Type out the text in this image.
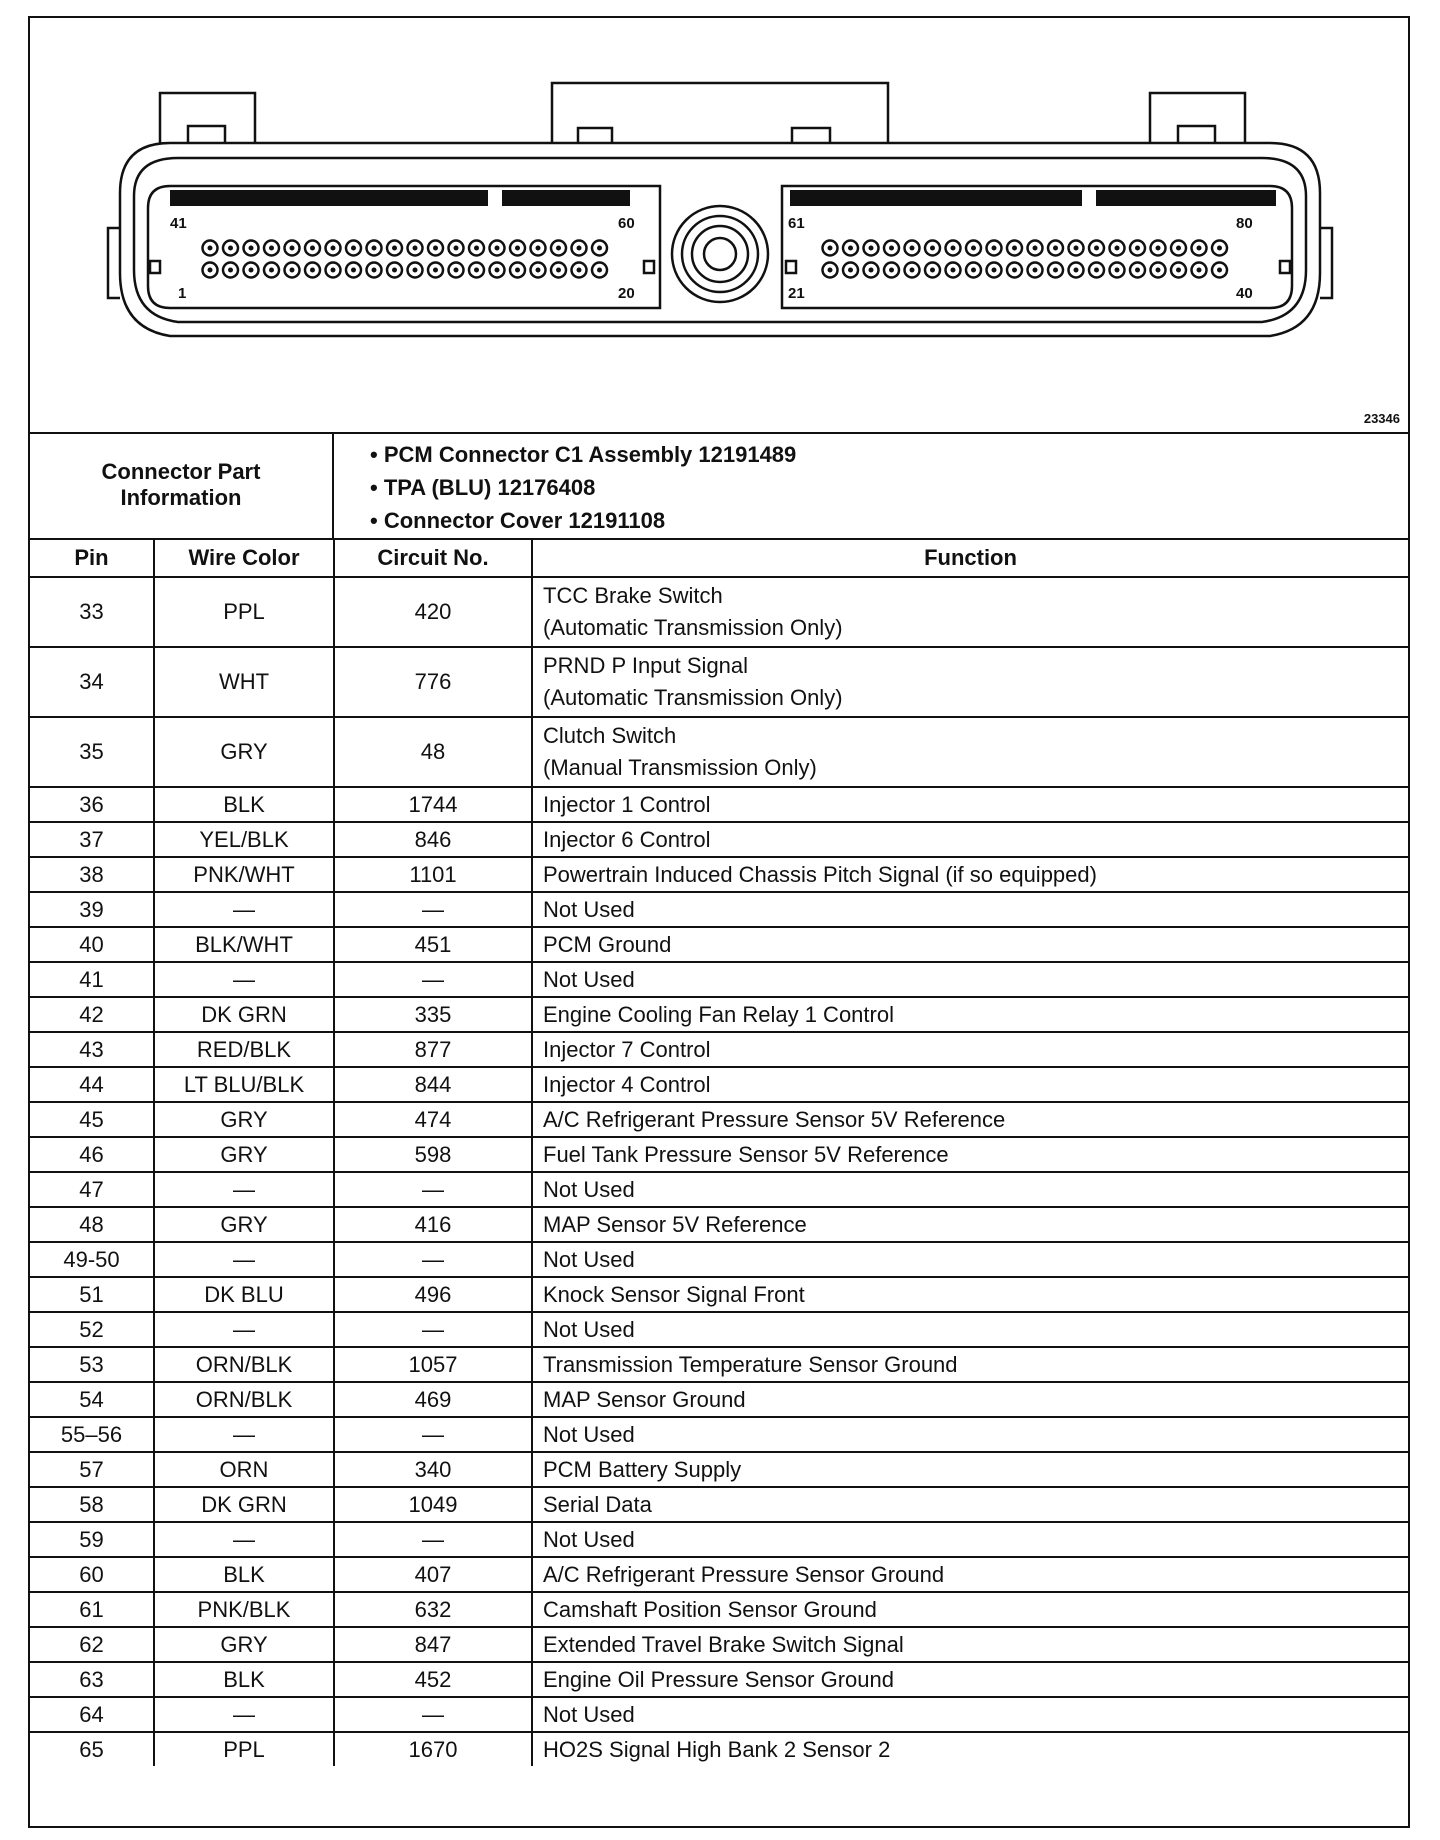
41	60
1	20
61	80
21	40
23346
Connector Part
Information
• PCM Connector C1 Assembly 12191489
• TPA (BLU) 12176408
• Connector Cover 12191108
Pin	Wire Color	Circuit No.	Function
33	PPL	420	TCC Brake Switch
(Automatic Transmission Only)

34	WHT	776	PRND P Input Signal
(Automatic Transmission Only)

35	GRY	48	Clutch Switch
(Manual Transmission Only)

36	BLK	1744	Injector 1 Control

37	YEL/BLK	846	Injector 6 Control

38	PNK/WHT	1101	Powertrain Induced Chassis Pitch Signal (if so equipped)

39	—	—	Not Used

40	BLK/WHT	451	PCM Ground

41	—	—	Not Used

42	DK GRN	335	Engine Cooling Fan Relay 1 Control

43	RED/BLK	877	Injector 7 Control

44	LT BLU/BLK	844	Injector 4 Control

45	GRY	474	A/C Refrigerant Pressure Sensor 5V Reference

46	GRY	598	Fuel Tank Pressure Sensor 5V Reference

47	—	—	Not Used

48	GRY	416	MAP Sensor 5V Reference

49-50	—	—	Not Used

51	DK BLU	496	Knock Sensor Signal Front

52	—	—	Not Used

53	ORN/BLK	1057	Transmission Temperature Sensor Ground

54	ORN/BLK	469	MAP Sensor Ground

55–56	—	—	Not Used

57	ORN	340	PCM Battery Supply

58	DK GRN	1049	Serial Data

59	—	—	Not Used

60	BLK	407	A/C Refrigerant Pressure Sensor Ground

61	PNK/BLK	632	Camshaft Position Sensor Ground

62	GRY	847	Extended Travel Brake Switch Signal

63	BLK	452	Engine Oil Pressure Sensor Ground

64	—	—	Not Used

65	PPL	1670	HO2S Signal High Bank 2 Sensor 2
